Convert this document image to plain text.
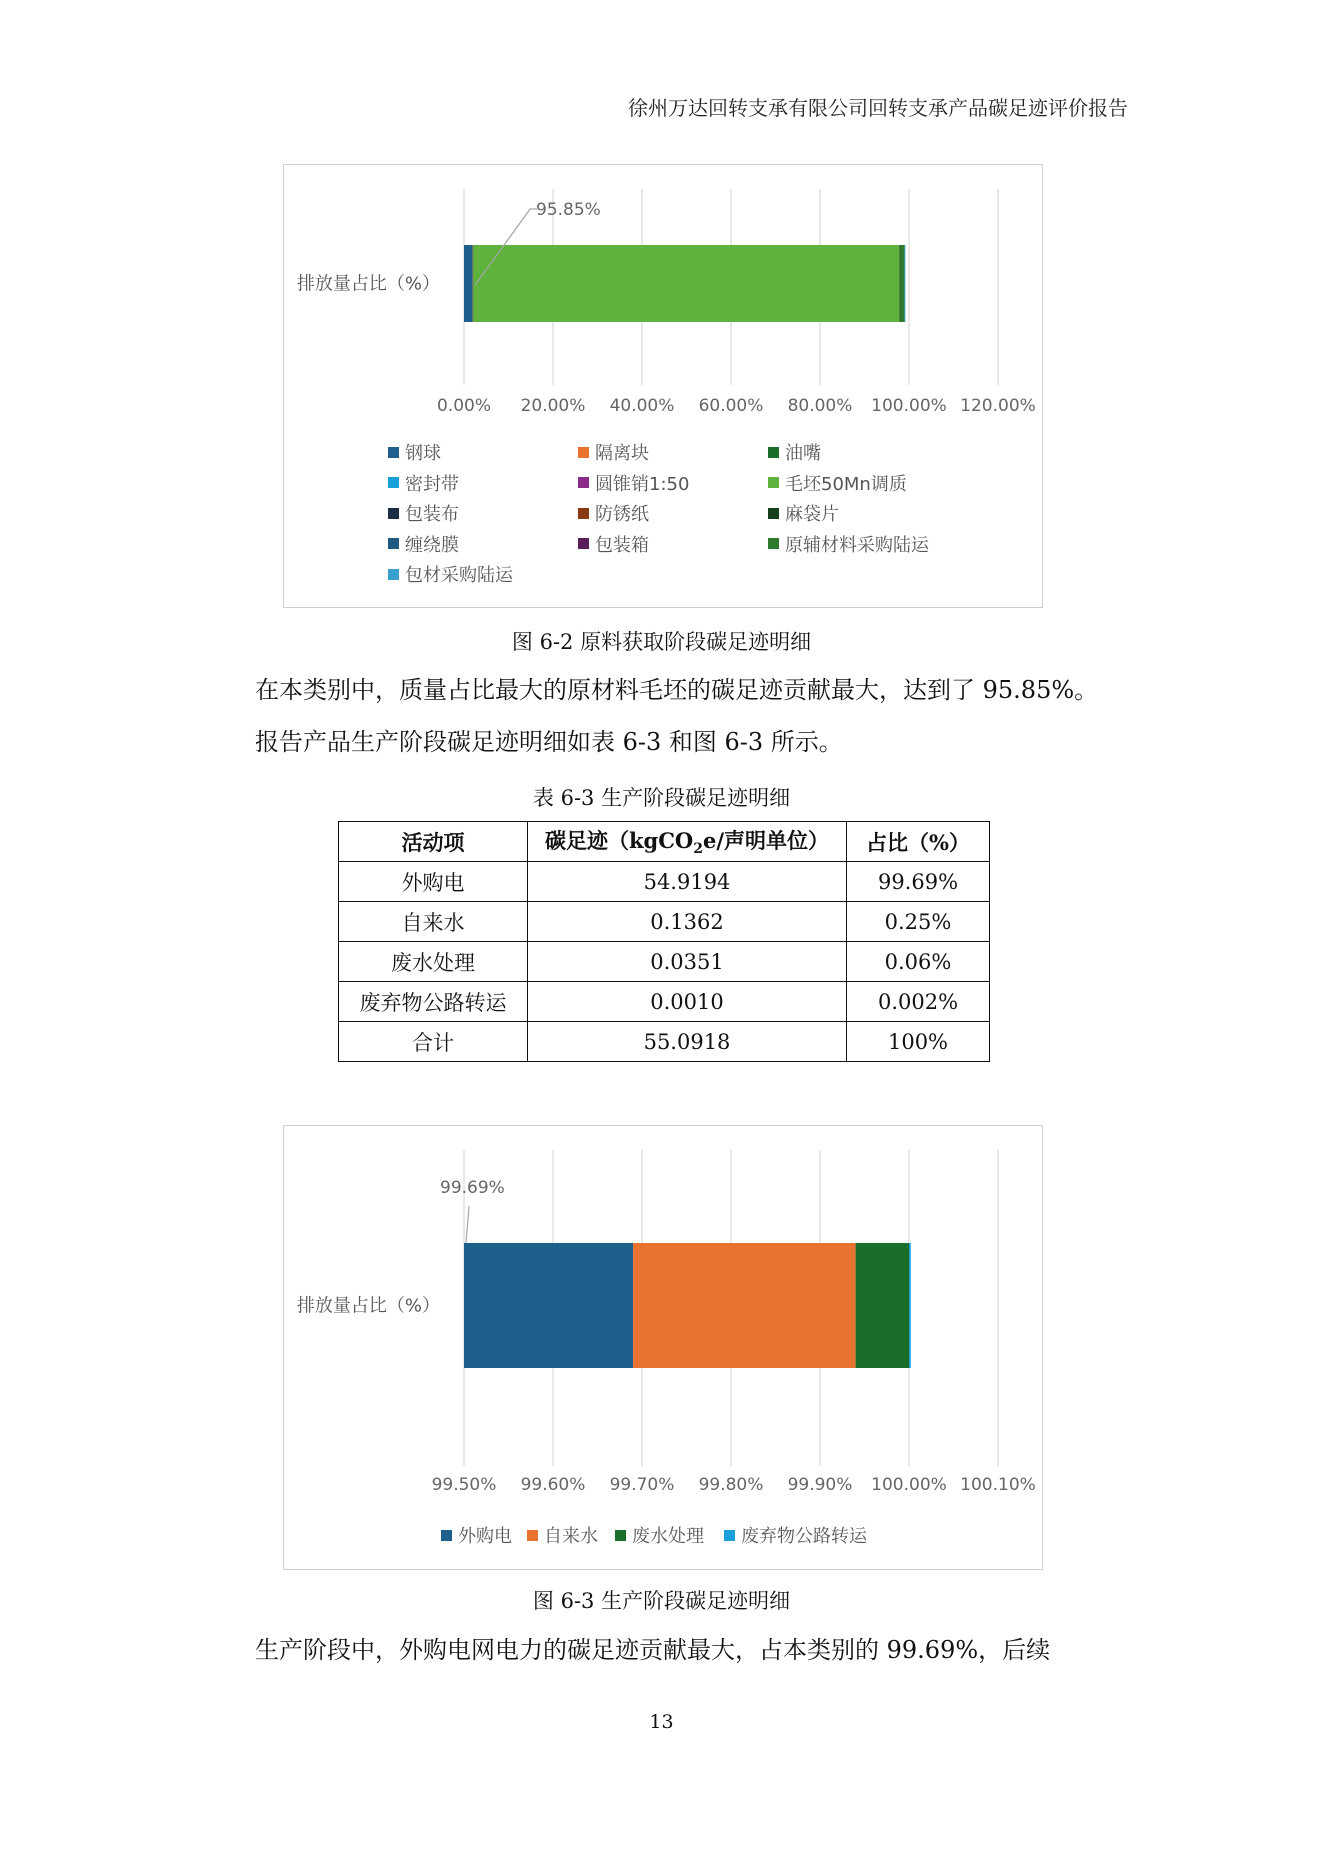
徐州万达回转支承有限公司回转支承产品碳足迹评价报告
0.00% 20.00% 40.00% 60.00% 80.00% 100.00% 120.00%
排放量占比（%）
95.85%
钢球	隔离块	油嘴
密封带	圆锥销1:50	毛坯50Mn调质
包装布	防锈纸	麻袋片
缠绕膜	包装箱	原辅材料采购陆运
包材采购陆运
图 6-2 原料获取阶段碳足迹明细
在本类别中，质量占比最大的原材料毛坯的碳足迹贡献最大，达到了 95.85%。
报告产品生产阶段碳足迹明细如表 6-3 和图 6-3 所示。
表 6-3 生产阶段碳足迹明细
活动项	碳足迹（kgCO$_2$e/声明单位）	占比（%）
外购电	54.9194	99.69%
自来水	0.1362	0.25%
废水处理	0.0351	0.06%
废弃物公路转运	0.0010	0.002%
合计	55.0918	100%
99.50% 99.60% 99.70% 99.80% 99.90% 100.00% 100.10%
排放量占比（%）
99.69%
外购电 自来水 废水处理 废弃物公路转运
图 6-3 生产阶段碳足迹明细
生产阶段中，外购电网电力的碳足迹贡献最大，占本类别的 99.69%，后续
13
